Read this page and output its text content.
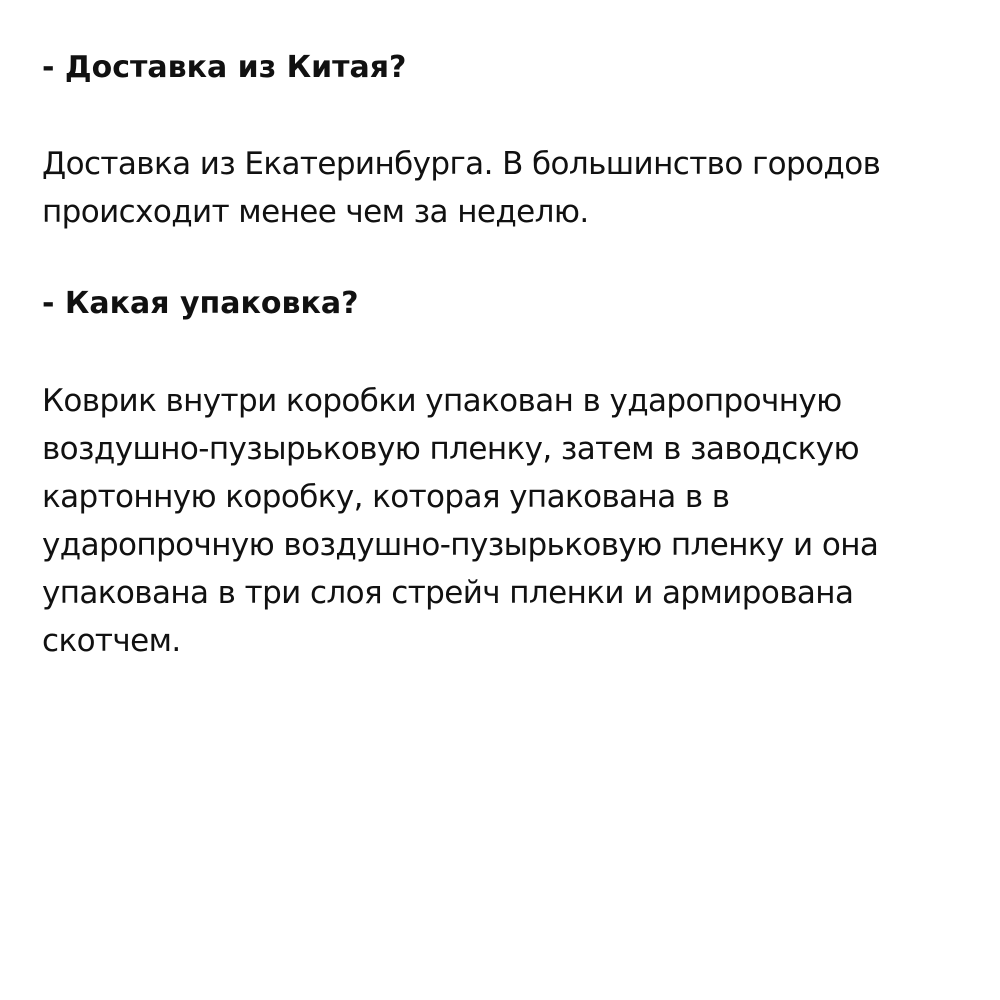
- Доставка из Китая?

Доставка из Екатеринбурга. В большинство городов
происходит менее чем за неделю.

- Какая упаковка?

Коврик внутри коробки упакован в ударопрочную
воздушно-пузырьковую пленку, затем в заводскую
картонную коробку, которая упакована в в
ударопрочную воздушно-пузырьковую пленку и она
упакована в три слоя стрейч пленки и армирована
скотчем.
